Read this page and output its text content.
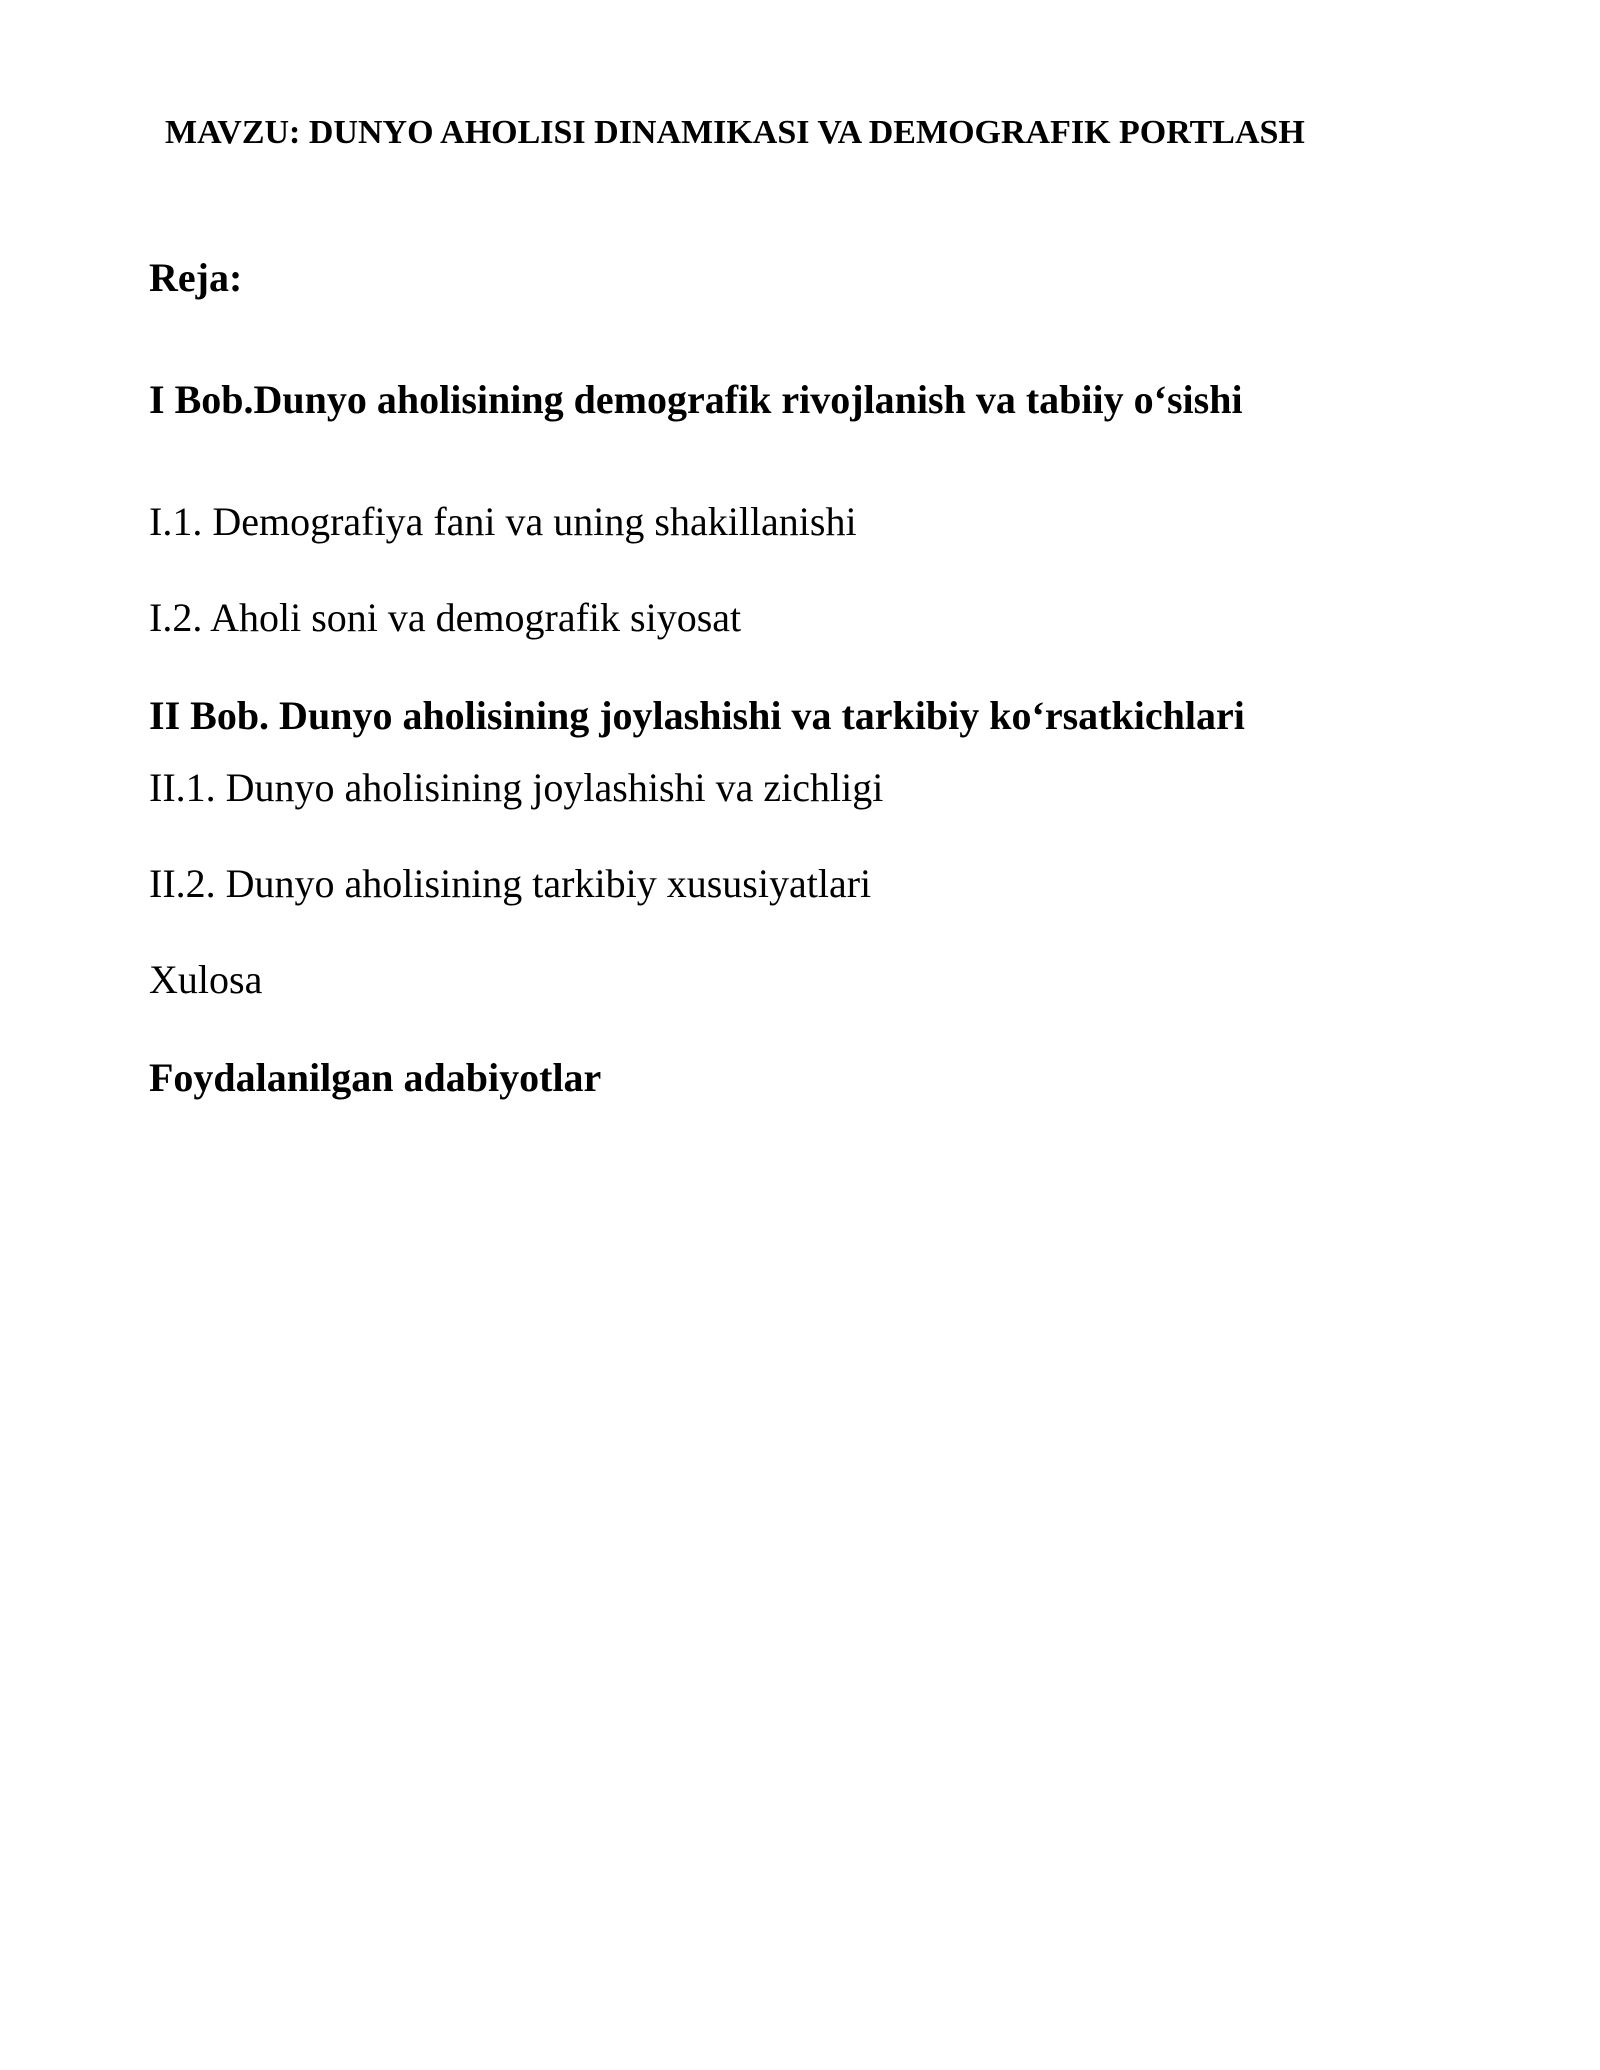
MAVZU: DUNYO AHOLISI DINAMIKASI VA DEMOGRAFIK PORTLASH
Reja:
I Bob.Dunyo aholisining demografik rivojlanish va tabiiy o‘sishi
I.1. Demografiya fani va uning shakillanishi
I.2. Aholi soni va demografik siyosat
II Bob. Dunyo aholisining joylashishi va tarkibiy ko‘rsatkichlari
II.1. Dunyo aholisining joylashishi va zichligi
II.2. Dunyo aholisining tarkibiy xususiyatlari
Xulosa
Foydalanilgan adabiyotlar
